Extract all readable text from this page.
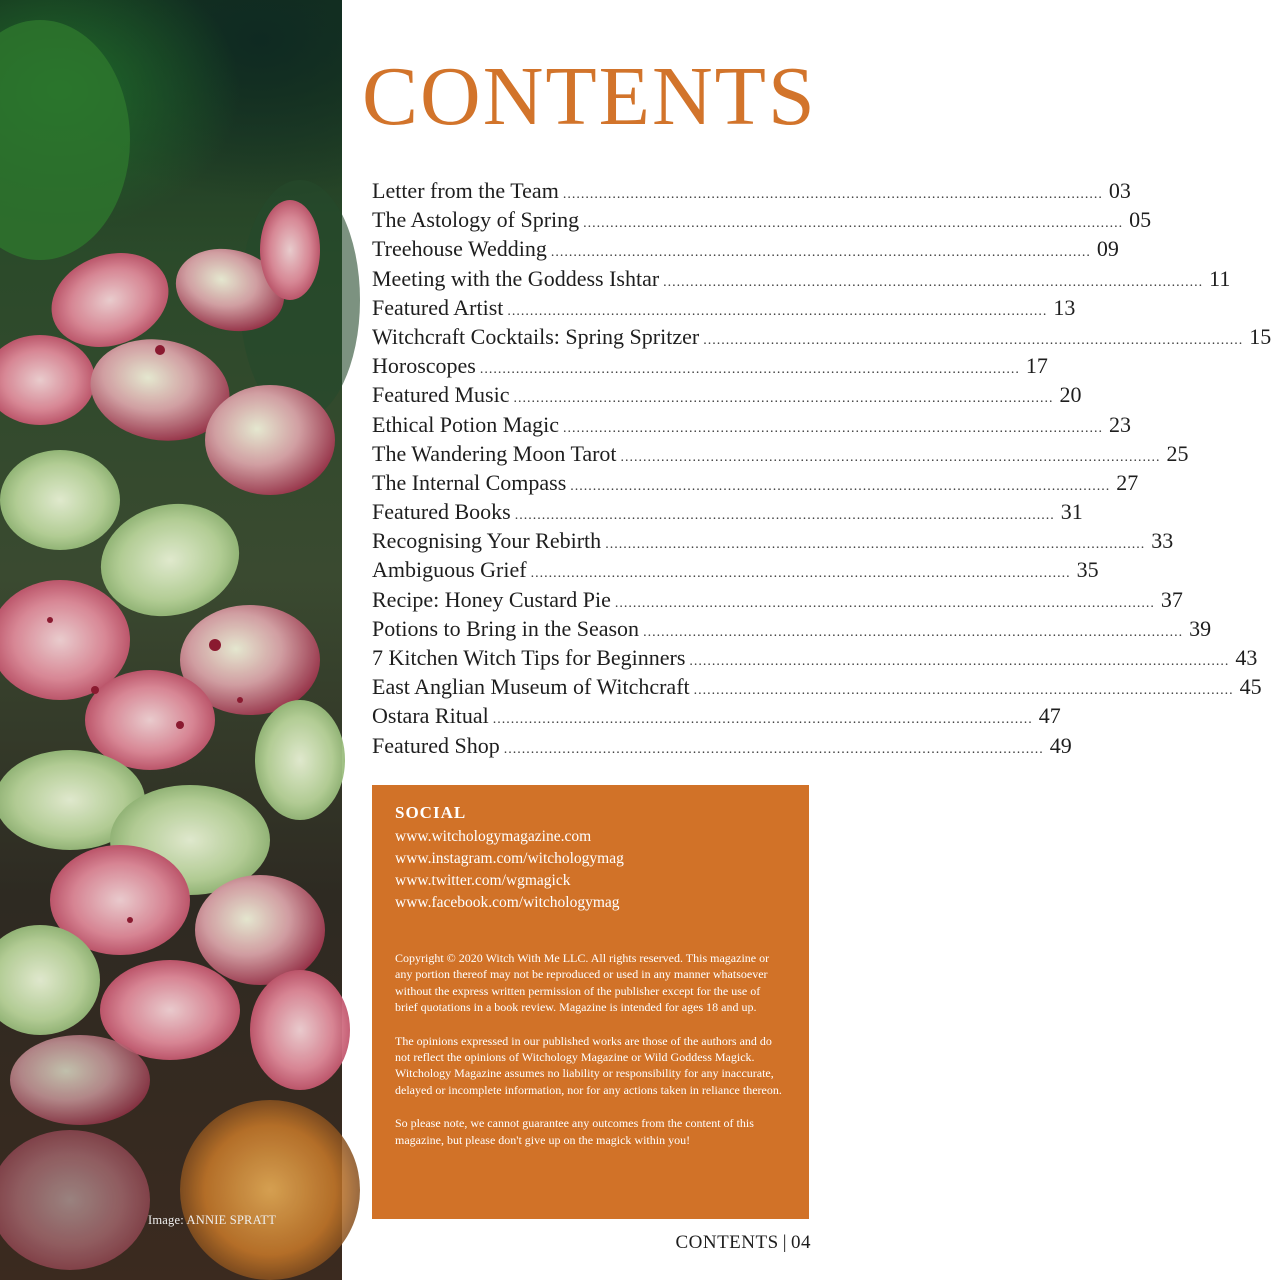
Image: ANNIE SPRATT
CONTENTS
Letter from the Team ........................................................................................................................ 03
The Astology of Spring ........................................................................................................................ 05
Treehouse Wedding ........................................................................................................................ 09
Meeting with the Goddess Ishtar ........................................................................................................................ 11
Featured Artist ........................................................................................................................ 13
Witchcraft Cocktails: Spring Spritzer ........................................................................................................................ 15
Horoscopes ........................................................................................................................ 17
Featured Music ........................................................................................................................ 20
Ethical Potion Magic ........................................................................................................................ 23
The Wandering Moon Tarot ........................................................................................................................ 25
The Internal Compass ........................................................................................................................ 27
Featured Books ........................................................................................................................ 31
Recognising Your Rebirth ........................................................................................................................ 33
Ambiguous Grief ........................................................................................................................ 35
Recipe: Honey Custard Pie ........................................................................................................................ 37
Potions to Bring in the Season ........................................................................................................................ 39
7 Kitchen Witch Tips for Beginners ........................................................................................................................ 43
East Anglian Museum of Witchcraft ........................................................................................................................ 45
Ostara Ritual ........................................................................................................................ 47
Featured Shop ........................................................................................................................ 49
SOCIAL
www.witchologymagazine.com
www.instagram.com/witchologymag
www.twitter.com/wgmagick
www.facebook.com/witchologymag

Copyright © 2020 Witch With Me LLC. All rights reserved. This magazine or any portion thereof may not be reproduced or used in any manner whatsoever without the express written permission of the publisher except for the use of brief quotations in a book review. Magazine is intended for ages 18 and up.

The opinions expressed in our published works are those of the authors and do not reflect the opinions of Witchology Magazine or Wild Goddess Magick. Witchology Magazine assumes no liability or responsibility for any inaccurate, delayed or incomplete information, nor for any actions taken in reliance thereon.

So please note, we cannot guarantee any outcomes from the content of this magazine, but please don't give up on the magick within you!

CONTENTS | 04
